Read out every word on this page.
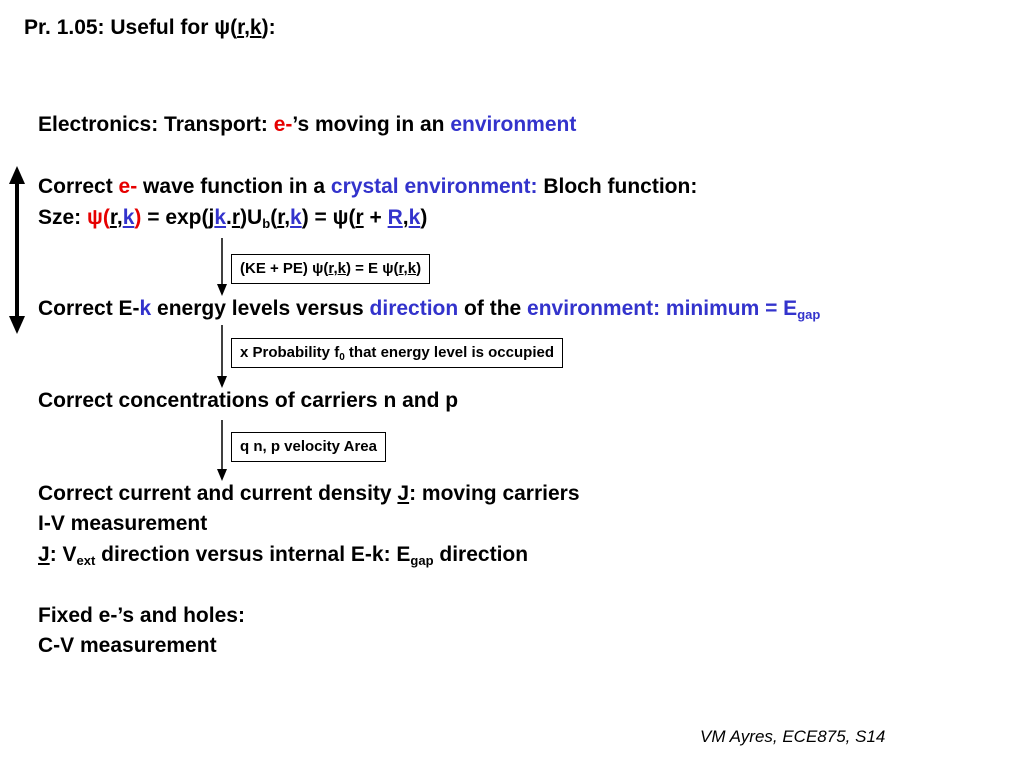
Pr. 1.05: Useful for ψ(r,k):
Electronics: Transport: e-’s moving in an environment
Correct e- wave function in a crystal environment: Bloch function:
Sze: $\psi(r,k) = \exp(jk.r)U_b(r,k) = \psi(r + R,k)$
(KE + PE) ψ(r,k) = E ψ(r,k)
Correct E-k energy levels versus direction of the environment: minimum = $E_{gap}$
x Probability $f_0$ that energy level is occupied
Correct concentrations of carriers n and p
q n, p velocity Area
Correct current and current density J: moving carriers
I-V measurement
J: $V_{ext}$ direction versus internal E-k: $E_{gap}$ direction
Fixed e-’s and holes:
C-V measurement
VM Ayres, ECE875, S14
